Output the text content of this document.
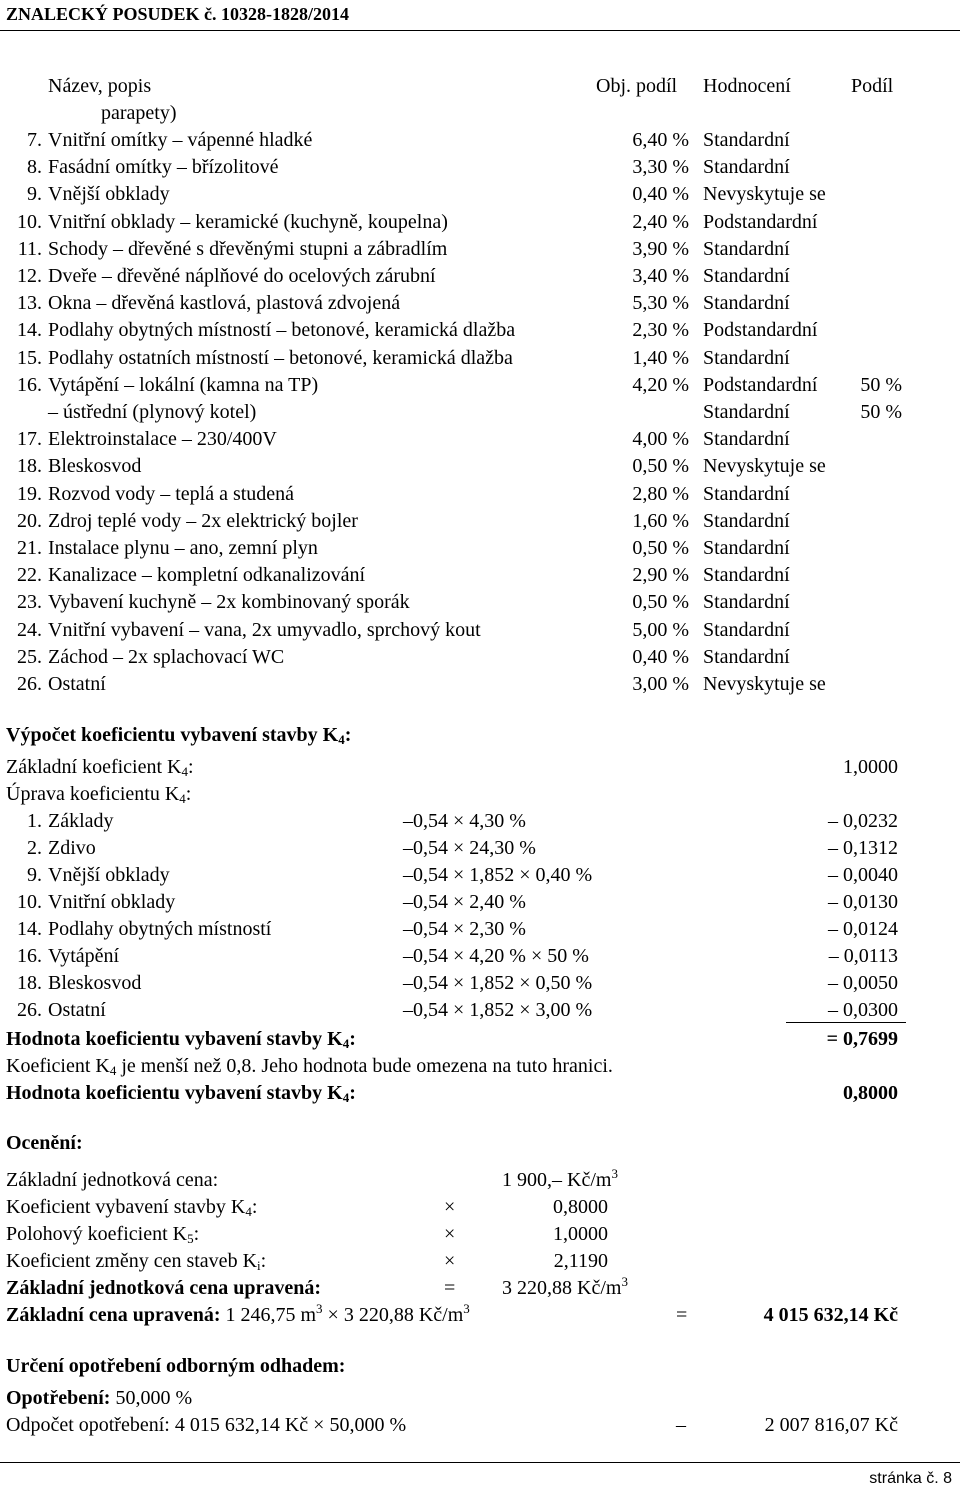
ZNALECKÝ POSUDEK č. 10328-1828/2014
Název, popis	Obj. podíl Hodnocení	Podíl
parapety)
7. Vnitřní omítky – vápenné hladké	6,40 % Standardní
8. Fasádní omítky – břízolitové	3,30 % Standardní
9. Vnější obklady	0,40 % Nevyskytuje se
10. Vnitřní obklady – keramické (kuchyně, koupelna)	2,40 % Podstandardní
11. Schody – dřevěné s dřevěnými stupni a zábradlím	3,90 % Standardní
12. Dveře – dřevěné náplňové do ocelových zárubní	3,40 % Standardní
13. Okna – dřevěná kastlová, plastová zdvojená	5,30 % Standardní
14. Podlahy obytných místností – betonové, keramická dlažba	2,30 % Podstandardní
15. Podlahy ostatních místností – betonové, keramická dlažba	1,40 % Standardní
16. Vytápění – lokální (kamna na TP)	4,20 % Podstandardní 50 %
– ústřední (plynový kotel)	Standardní	50 %
17. Elektroinstalace – 230/400V	4,00 % Standardní
18. Bleskosvod	0,50 % Nevyskytuje se
19. Rozvod vody – teplá a studená	2,80 % Standardní
20. Zdroj teplé vody – 2x elektrický bojler	1,60 % Standardní
21. Instalace plynu – ano, zemní plyn	0,50 % Standardní
22. Kanalizace – kompletní odkanalizování	2,90 % Standardní
23. Vybavení kuchyně – 2x kombinovaný sporák	0,50 % Standardní
24. Vnitřní vybavení – vana, 2x umyvadlo, sprchový kout	5,00 % Standardní
25. Záchod – 2x splachovací WC	0,40 % Standardní
26. Ostatní	3,00 % Nevyskytuje se
Výpočet koeficientu vybavení stavby $K_4$:
Základní koeficient $K_4$:	1,0000
Úprava koeficientu $K_4$:
1. Základy	–0,54 × 4,30 %	– 0,0232
2. Zdivo	–0,54 × 24,30 %	– 0,1312
9. Vnější obklady	–0,54 × 1,852 × 0,40 %	– 0,0040
10. Vnitřní obklady	–0,54 × 2,40 %	– 0,0130
14. Podlahy obytných místností	–0,54 × 2,30 %	– 0,0124
16. Vytápění	–0,54 × 4,20 % × 50 %	– 0,0113
18. Bleskosvod	–0,54 × 1,852 × 0,50 %	– 0,0050
26. Ostatní	–0,54 × 1,852 × 3,00 %	– 0,0300
Hodnota koeficientu vybavení stavby $K_4$:	= 0,7699
Koeficient $K_4$ je menší než 0,8. Jeho hodnota bude omezena na tuto hranici.
Hodnota koeficientu vybavení stavby $K_4$:	0,8000
Ocenění:
Základní jednotková cena:	1 900,– $Kč/m^3$
Koeficient vybavení stavby $K_4$:	×	0,8000
Polohový koeficient $K_5$:	×	1,0000
Koeficient změny cen staveb $K_i$:	×	2,1190
Základní jednotková cena upravená:	= 3 220,88 $Kč/m^3$
Základní cena upravená: 1 246,75 $m^3 \times 3$ 220,88 $Kč/m^3$	=	4 015 632,14 Kč
Určení opotřebení odborným odhadem:
Opotřebení: 50,000 %
Odpočet opotřebení: 4 015 632,14 Kč × 50,000 %	–	2 007 816,07 Kč
stránka č. 8
